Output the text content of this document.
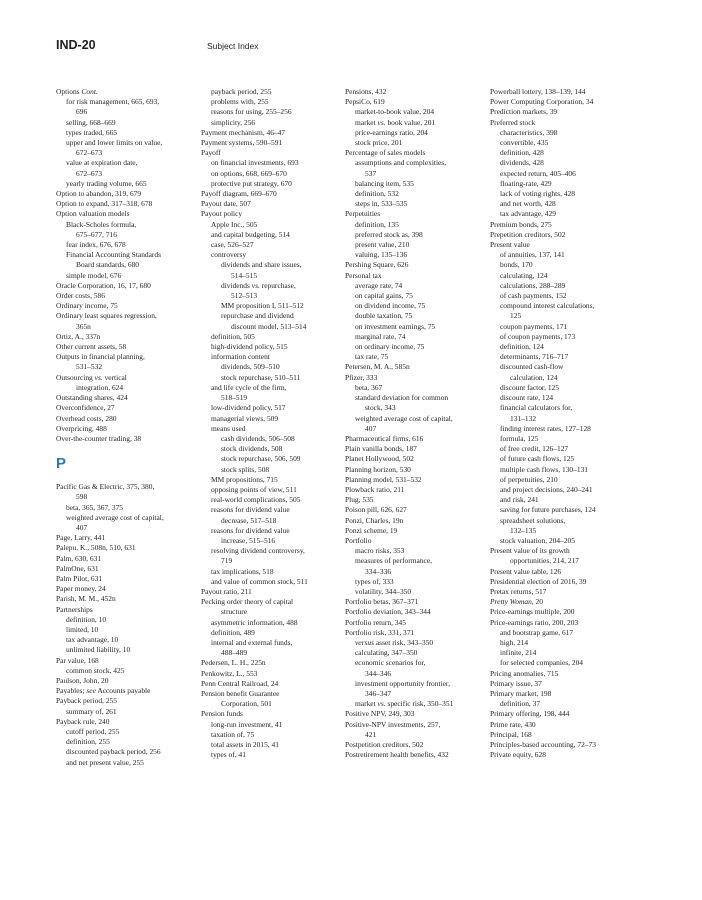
IND-20	Subject Index
Options Cont.
for risk management, 665, 693,
696
selling, 668–669
types traded, 665
upper and lower limits on value,
672–673
value at expiration date,
672–673
yearly trading volume, 665
Option to abandon, 319, 679
Option to expand, 317–318, 678
Option valuation models
Black-Scholes formula,
675–677, 716
fear index, 676, 678
Financial Accounting Standards
Board standards, 680
simple model, 676
Oracle Corporation, 16, 17, 680
Order costs, 586
Ordinary income, 75
Ordinary least squares regression,
365n
Ortiz, A., 337n
Other current assets, 58
Outputs in financial planning,
531–532
Outsourcing vs. vertical
integration, 624
Outstanding shares, 424
Overconfidence, 27
Overhead costs, 280
Overpricing, 488
Over-the-counter trading, 38
P
Pacific Gas & Electric, 375, 380,
598
beta, 365, 367, 375
weighted average cost of capital,
407
Page, Larry, 441
Palepu, K., 508n, 510, 631
Palm, 630, 631
PalmOne, 631
Palm Pilot, 631
Paper money, 24
Parish, M. M., 452n
Partnerships
definition, 10
limited, 10
tax advantage, 10
unlimited liability, 10
Par value, 168
common stock, 425
Paulson, John, 20
Payables; see Accounts payable
Payback period, 255
summary of, 261
Payback rule, 240
cutoff period, 255
definition, 255
discounted payback period, 256
and net present value, 255
payback period, 255
problems with, 255
reasons for using, 255–256
simplicity, 256
Payment mechanism, 46–47
Payment systems, 590–591
Payoff
on financial investments, 693
on options, 668, 669–670
protective put strategy, 670
Payoff diagram, 669–670
Payout date, 507
Payout policy
Apple Inc., 505
and capital budgeting, 514
case, 526–527
controversy
dividends and share issues,
514–515
dividends vs. repurchase,
512–513
MM proposition I, 511–512
repurchase and dividend
discount model, 513–514
definition, 505
high-dividend policy, 515
information content
dividends, 509–510
stock repurchase, 510–511
and life cycle of the firm,
518–519
low-dividend policy, 517
managerial views, 509
means used
cash dividends, 506–508
stock dividends, 508
stock repurchase, 506, 509
stock splits, 508
MM propositions, 715
opposing points of view, 511
real-world complications, 505
reasons for dividend value
decrease, 517–518
reasons for dividend value
increase, 515–516
resolving dividend controversy,
719
tax implications, 518
and value of common stock, 511
Payout ratio, 211
Pecking order theory of capital
structure
asymmetric information, 488
definition, 489
internal and external funds,
488–489
Pedersen, L. H., 225n
Penkowitz, L., 553
Penn Central Railroad, 24
Pension benefit Guarantee
Corporation, 501
Pension funds
long-run investment, 41
taxation of, 75
total assets in 2015, 41
types of, 41
Pensions, 432
PepsiCo, 619
market-to-book value, 204
market vs. book value, 201
price-earnings ratio, 204
stock price, 201
Percentage of sales models
assumptions and complexities,
537
balancing item, 535
definition, 532
steps in, 533–535
Perpetuities
definition, 135
preferred stock as, 398
present value, 210
valuing, 135–136
Pershing Square, 626
Personal tax
average rate, 74
on capital gains, 75
on dividend income, 75
double taxation, 75
on investment earnings, 75
marginal rate, 74
on ordinary income, 75
tax rate, 75
Petersen, M. A., 585n
Pfizer, 333
beta, 367
standard deviation for common
stock, 343
weighted average cost of capital,
407
Pharmaceutical firms, 616
Plain vanilla bonds, 187
Planet Hollywood, 502
Planning horizon, 530
Planning model, 531–532
Plowback ratio, 211
Plug, 535
Poison pill, 626, 627
Ponzi, Charles, 19n
Ponzi scheme, 19
Portfolio
macro risks, 353
measures of performance,
334–336
types of, 333
volatility, 344–350
Portfolio betas, 367–371
Portfolio deviation, 343–344
Portfolio return, 345
Portfolio risk, 331, 371
versus asset risk, 343–350
calculating, 347–350
economic scenarios for,
344–346
investment opportunity frontier,
346–347
market vs. specific risk, 350–351
Positive NPV, 249, 303
Positive-NPV investments, 257,
421
Postpetition creditors, 502
Postretirement health benefits, 432
Powerball lottery, 138–139, 144
Power Computing Corporation, 34
Prediction markets, 39
Preferred stock
characteristics, 398
convertible, 435
definition, 428
dividends, 428
expected return, 405–406
floating-rate, 429
lack of voting rights, 428
and net worth, 428
tax advantage, 429
Premium bonds, 275
Prepetition creditors, 502
Present value
of annuities, 137, 141
bonds, 170
calculating, 124
calculations, 288–289
of cash payments, 152
compound interest calculations,
125
coupon payments, 171
of coupon payments, 173
definition, 124
determinants, 716–717
discounted cash-flow
calculation, 124
discount factor, 125
discount rate, 124
financial calculators for,
131–132
finding interest rates, 127–128
formula, 125
of free credit, 126–127
of future cash flows, 125
multiple cash flows, 130–131
of perpetuities, 210
and project decisions, 240–241
and risk, 241
saving for future purchases, 124
spreadsheet solutions,
132–135
stock valuation, 204–205
Present value of its growth
opportunities, 214, 217
Present value table, 126
Presidential election of 2016, 39
Pretax returns, 517
Pretty Woman, 20
Price-earnings multiple, 200
Price-earnings ratio, 200, 203
and bootstrap game, 617
high, 214
infinite, 214
for selected companies, 204
Pricing anomalies, 715
Primary issue, 37
Primary market, 198
definition, 37
Primary offering, 198, 444
Prime rate, 430
Principal, 168
Principles-based accounting, 72–73
Private equity, 628
